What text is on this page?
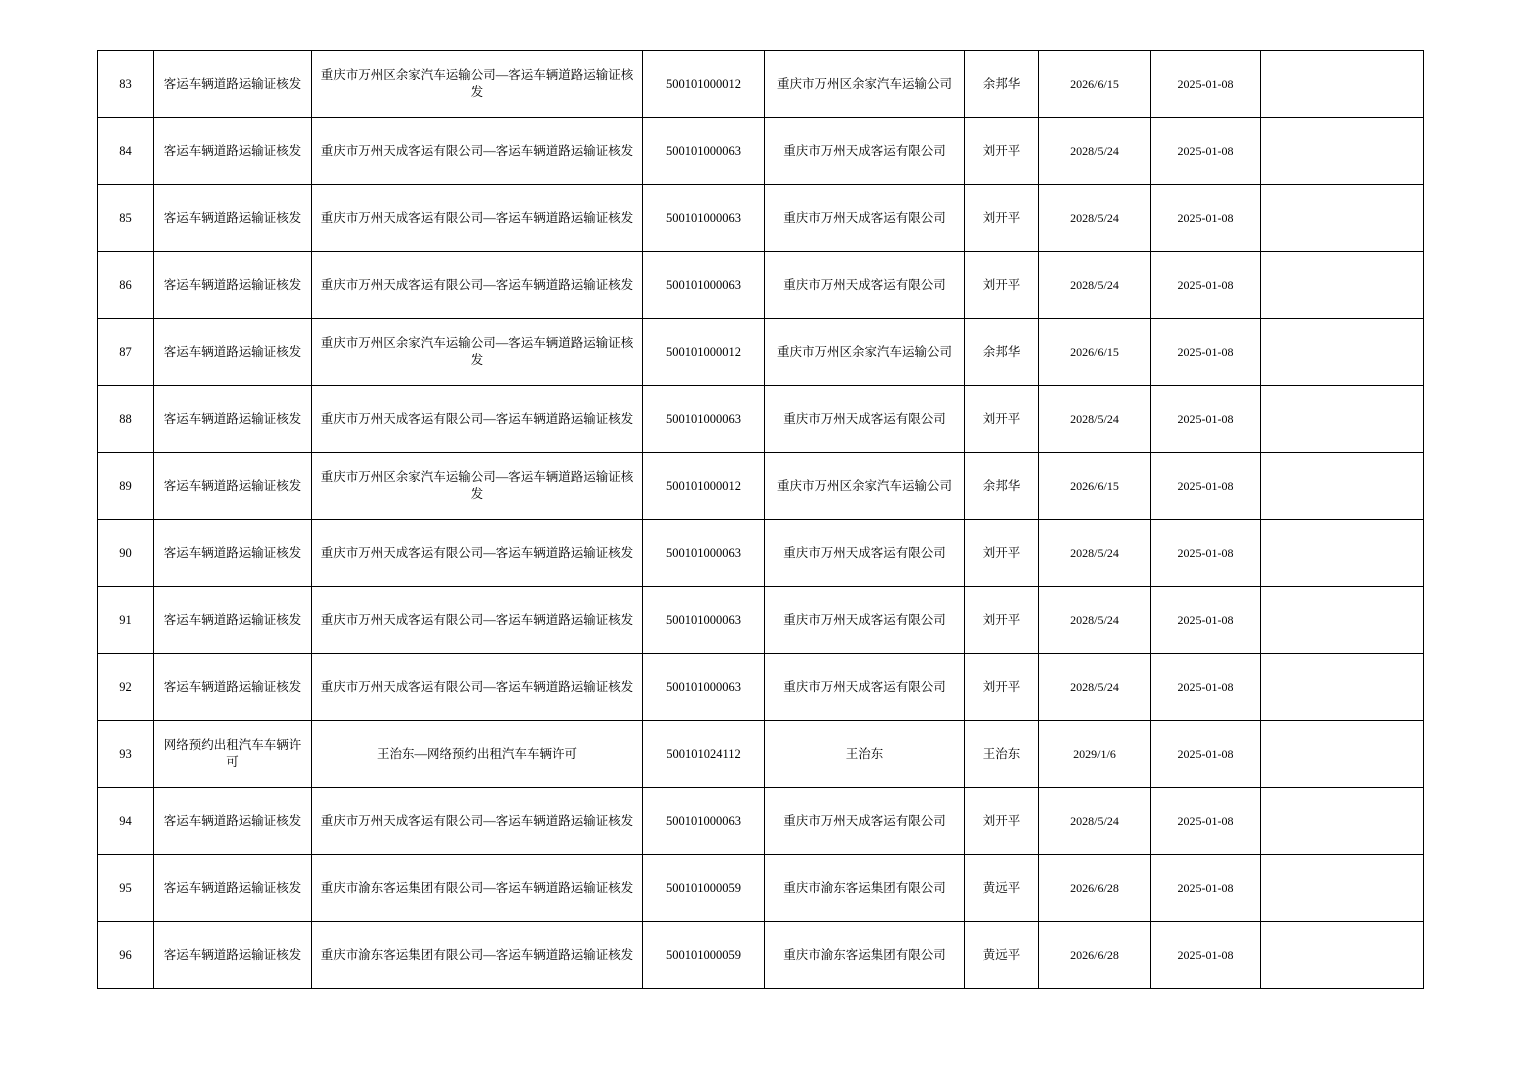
83	客运车辆道路运输证核发	重庆市万州区余家汽车运输公司—客运车辆道路运输证核发	500101000012	重庆市万州区余家汽车运输公司	余邦华	2026/6/15	2025-01-08	
84	客运车辆道路运输证核发	重庆市万州天成客运有限公司—客运车辆道路运输证核发	500101000063	重庆市万州天成客运有限公司	刘开平	2028/5/24	2025-01-08	
85	客运车辆道路运输证核发	重庆市万州天成客运有限公司—客运车辆道路运输证核发	500101000063	重庆市万州天成客运有限公司	刘开平	2028/5/24	2025-01-08	
86	客运车辆道路运输证核发	重庆市万州天成客运有限公司—客运车辆道路运输证核发	500101000063	重庆市万州天成客运有限公司	刘开平	2028/5/24	2025-01-08	
87	客运车辆道路运输证核发	重庆市万州区余家汽车运输公司—客运车辆道路运输证核发	500101000012	重庆市万州区余家汽车运输公司	余邦华	2026/6/15	2025-01-08	
88	客运车辆道路运输证核发	重庆市万州天成客运有限公司—客运车辆道路运输证核发	500101000063	重庆市万州天成客运有限公司	刘开平	2028/5/24	2025-01-08	
89	客运车辆道路运输证核发	重庆市万州区余家汽车运输公司—客运车辆道路运输证核发	500101000012	重庆市万州区余家汽车运输公司	余邦华	2026/6/15	2025-01-08	
90	客运车辆道路运输证核发	重庆市万州天成客运有限公司—客运车辆道路运输证核发	500101000063	重庆市万州天成客运有限公司	刘开平	2028/5/24	2025-01-08	
91	客运车辆道路运输证核发	重庆市万州天成客运有限公司—客运车辆道路运输证核发	500101000063	重庆市万州天成客运有限公司	刘开平	2028/5/24	2025-01-08	
92	客运车辆道路运输证核发	重庆市万州天成客运有限公司—客运车辆道路运输证核发	500101000063	重庆市万州天成客运有限公司	刘开平	2028/5/24	2025-01-08	
93	网络预约出租汽车车辆许可	王治东—网络预约出租汽车车辆许可	500101024112	王治东	王治东	2029/1/6	2025-01-08	
94	客运车辆道路运输证核发	重庆市万州天成客运有限公司—客运车辆道路运输证核发	500101000063	重庆市万州天成客运有限公司	刘开平	2028/5/24	2025-01-08	
95	客运车辆道路运输证核发	重庆市渝东客运集团有限公司—客运车辆道路运输证核发	500101000059	重庆市渝东客运集团有限公司	黄远平	2026/6/28	2025-01-08	
96	客运车辆道路运输证核发	重庆市渝东客运集团有限公司—客运车辆道路运输证核发	500101000059	重庆市渝东客运集团有限公司	黄远平	2026/6/28	2025-01-08	
